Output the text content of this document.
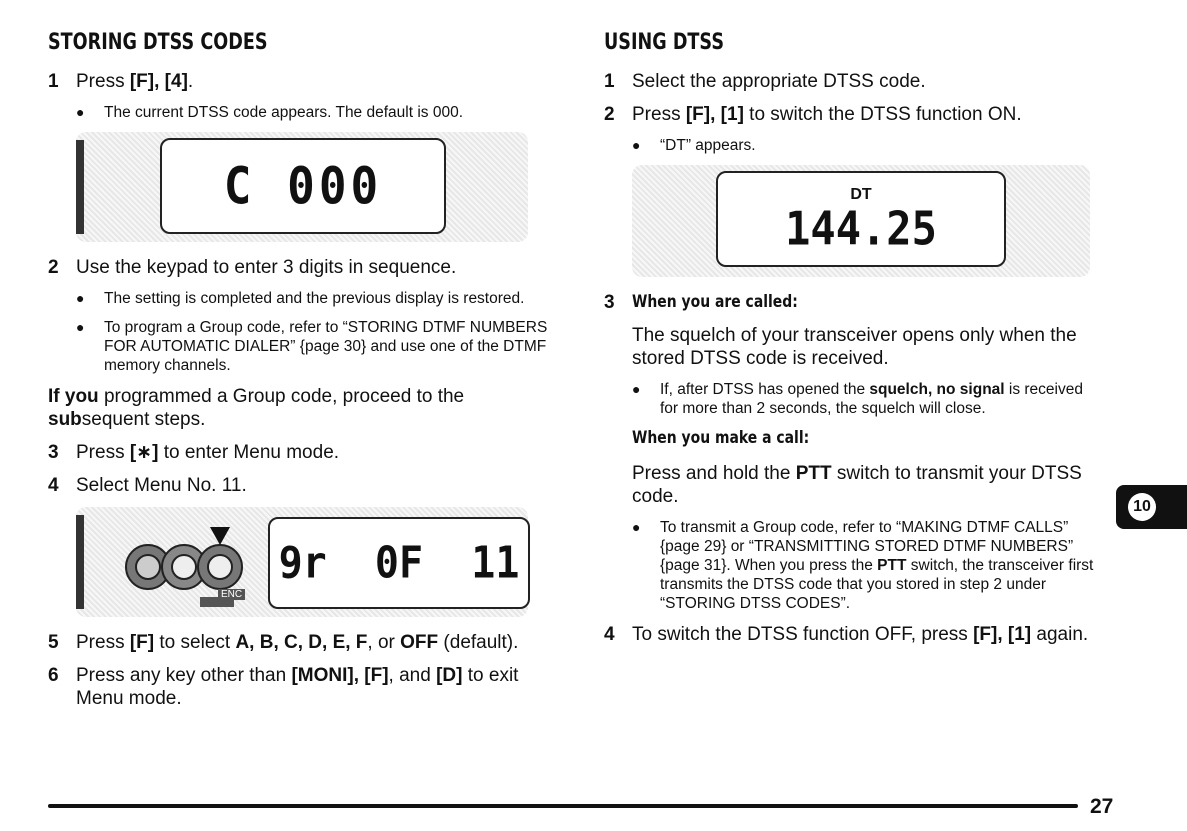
STORING DTSS CODES
1 Press [F], [4].
●	The current DTSS code appears. The default is 000.
C 000
2 Use the keypad to enter 3 digits in sequence.
●	The setting is completed and the previous display is restored.
●	To program a Group code, refer to “STORING DTMF NUMBERS FOR AUTOMATIC DIALER” {page 30} and use one of the DTMF memory channels.
If you programmed a Group code, proceed to the subsequent steps.
3 Press [∗] to enter Menu mode.
4 Select Menu No. 11.
ENC
9r  0F  11
5 Press [F] to select A, B, C, D, E, F, or OFF (default).
6 Press any key other than [MONI], [F], and [D] to exit Menu mode.
USING DTSS
1 Select the appropriate DTSS code.
2 Press [F], [1] to switch the DTSS function ON.
●	“DT” appears.
DT
144.25
3	When you are called:
The squelch of your transceiver opens only when the stored DTSS code is received.
●	If, after DTSS has opened the squelch, no signal is received for more than 2 seconds, the squelch will close.
When you make a call:
Press and hold the PTT switch to transmit your DTSS code.
●	To transmit a Group code, refer to “MAKING DTMF CALLS” {page 29} or “TRANSMITTING STORED DTMF NUMBERS” {page 31}. When you press the PTT switch, the transceiver first transmits the DTSS code that you stored in step 2 under “STORING DTSS CODES”.
4 To switch the DTSS function OFF, press [F], [1] again.
10
27
